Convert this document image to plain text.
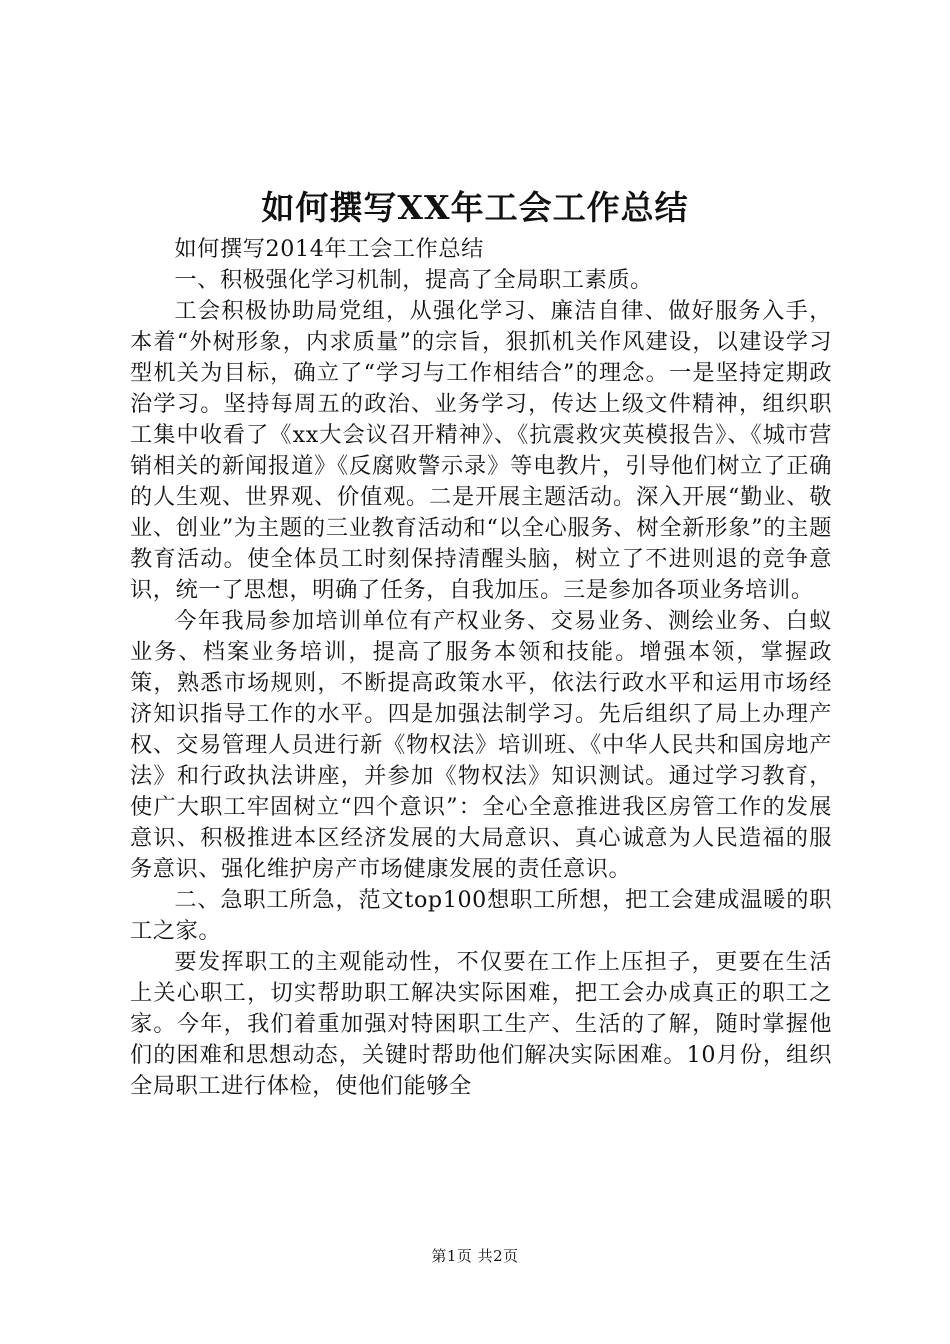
如何撰写XX年工会工作总结

如何撰写2014年工会工作总结

一、积极强化学习机制，提高了全局职工素质。

工会积极协助局党组，从强化学习、廉洁自律、做好服务入手，本着“外树形象，内求质量”的宗旨，狠抓机关作风建设，以建设学习型机关为目标，确立了“学习与工作相结合”的理念。一是坚持定期政治学习。坚持每周五的政治、业务学习，传达上级文件精神，组织职工集中收看了《xx大会议召开精神》、《抗震救灾英模报告》、《城市营销相关的新闻报道》《反腐败警示录》等电教片，引导他们树立了正确的人生观、世界观、价值观。二是开展主题活动。深入开展“勤业、敬业、创业”为主题的三业教育活动和“以全心服务、树全新形象”的主题教育活动。使全体员工时刻保持清醒头脑，树立了不进则退的竞争意识，统一了思想，明确了任务，自我加压。三是参加各项业务培训。

今年我局参加培训单位有产权业务、交易业务、测绘业务、白蚁业务、档案业务培训，提高了服务本领和技能。增强本领，掌握政策，熟悉市场规则，不断提高政策水平，依法行政水平和运用市场经济知识指导工作的水平。四是加强法制学习。先后组织了局上办理产权、交易管理人员进行新《物权法》培训班、《中华人民共和国房地产法》和行政执法讲座，并参加《物权法》知识测试。通过学习教育，使广大职工牢固树立“四个意识”：全心全意推进我区房管工作的发展意识、积极推进本区经济发展的大局意识、真心诚意为人民造福的服务意识、强化维护房产市场健康发展的责任意识。

二、急职工所急，范文top100想职工所想，把工会建成温暖的职工之家。

要发挥职工的主观能动性，不仅要在工作上压担子，更要在生活上关心职工，切实帮助职工解决实际困难，把工会办成真正的职工之家。今年，我们着重加强对特困职工生产、生活的了解，随时掌握他们的困难和思想动态，关键时帮助他们解决实际困难。10月份，组织全局职工进行体检，使他们能够全

第1页 共2页
